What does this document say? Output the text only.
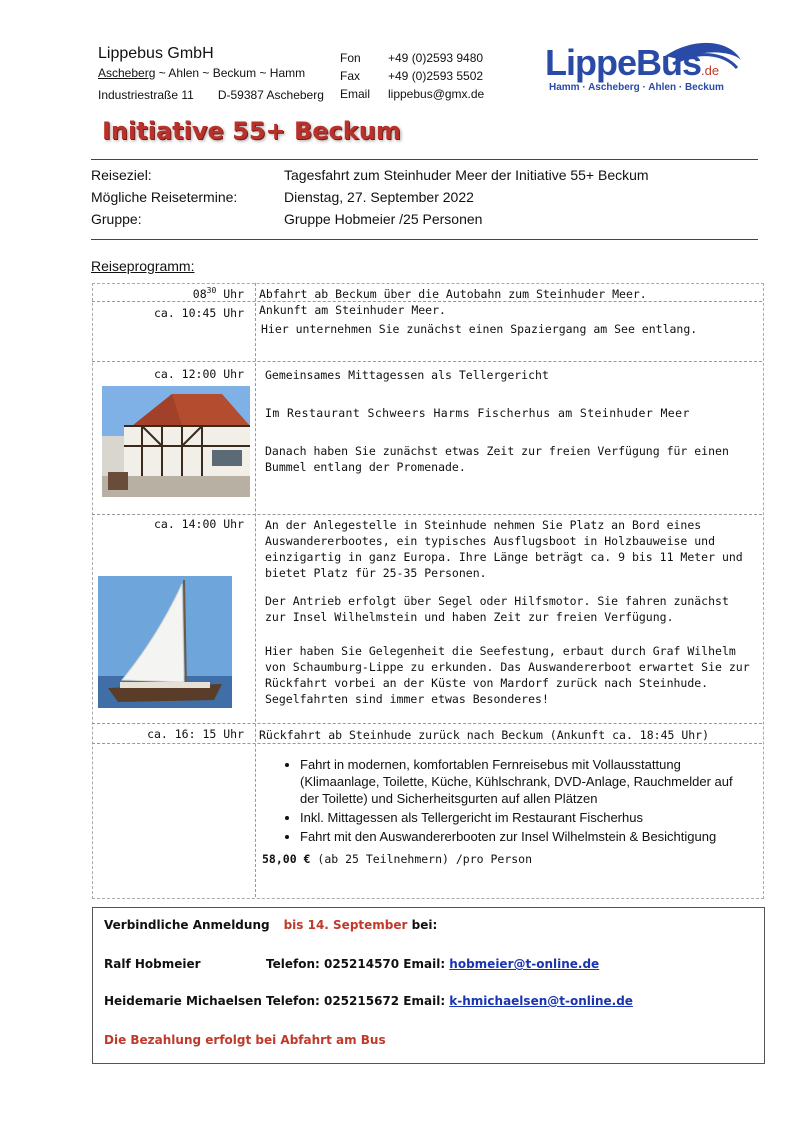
Lippebus GmbH
Ascheberg ~ Ahlen ~ Beckum ~ Hamm
Industriestraße 11 D-59387 Ascheberg
Fon +49 (0)2593 9480
Fax +49 (0)2593 5502
Email lippebus@gmx.de
LippeBus.de
Hamm · Ascheberg · Ahlen · Beckum
Initiative 55+ Beckum
Reiseziel:	Tagesfahrt zum Steinhuder Meer der Initiative 55+ Beckum
Mögliche Reisetermine:	Dienstag, 27. September 2022
Gruppe:	Gruppe Hobmeier /25 Personen
Reiseprogramm:
$08^{30}$ Uhr Abfahrt ab Beckum über die Autobahn zum Steinhuder Meer.
ca. 10:45 Uhr Ankunft am Steinhuder Meer.
Hier unternehmen Sie zunächst einen Spaziergang am See entlang.
ca. 12:00 Uhr Gemeinsames Mittagessen als Tellergericht

Im Restaurant Schweers Harms Fischerhus am Steinhuder Meer

Danach haben Sie zunächst etwas Zeit zur freien Verfügung für einen Bummel entlang der Promenade.

ca. 14:00 Uhr An der Anlegestelle in Steinhude nehmen Sie Platz an Bord eines Auswandererbootes, ein typisches Ausflugsboot in Holzbauweise und einzigartig in ganz Europa. Ihre Länge beträgt ca. 9 bis 11 Meter und bietet Platz für 25-35 Personen.

Der Antrieb erfolgt über Segel oder Hilfsmotor. Sie fahren zunächst zur Insel Wilhelmstein und haben Zeit zur freien Verfügung.

Hier haben Sie Gelegenheit die Seefestung, erbaut durch Graf Wilhelm von Schaumburg-Lippe zu erkunden. Das Auswandererboot erwartet Sie zur Rückfahrt vorbei an der Küste von Mardorf zurück nach Steinhude. Segelfahrten sind immer etwas Besonderes!

ca. 16: 15 Uhr Rückfahrt ab Steinhude zurück nach Beckum (Ankunft ca. 18:45 Uhr)
• Fahrt in modernen, komfortablen Fernreisebus mit Vollausstattung (Klimaanlage, Toilette, Küche, Kühlschrank, DVD-Anlage, Rauchmelder auf der Toilette) und Sicherheitsgurten auf allen Plätzen
• Inkl. Mittagessen als Tellergericht im Restaurant Fischerhus
• Fahrt mit den Auswandererbooten zur Insel Wilhelmstein & Besichtigung
58,00 € (ab 25 Teilnehmern) /pro Person
Verbindliche Anmeldung bis 14. September bei:
Ralf Hobmeier	Telefon: 025214570 Email: hobmeier@t-online.de
Heidemarie Michaelsen Telefon: 025215672 Email: k-hmichaelsen@t-online.de
Die Bezahlung erfolgt bei Abfahrt am Bus
